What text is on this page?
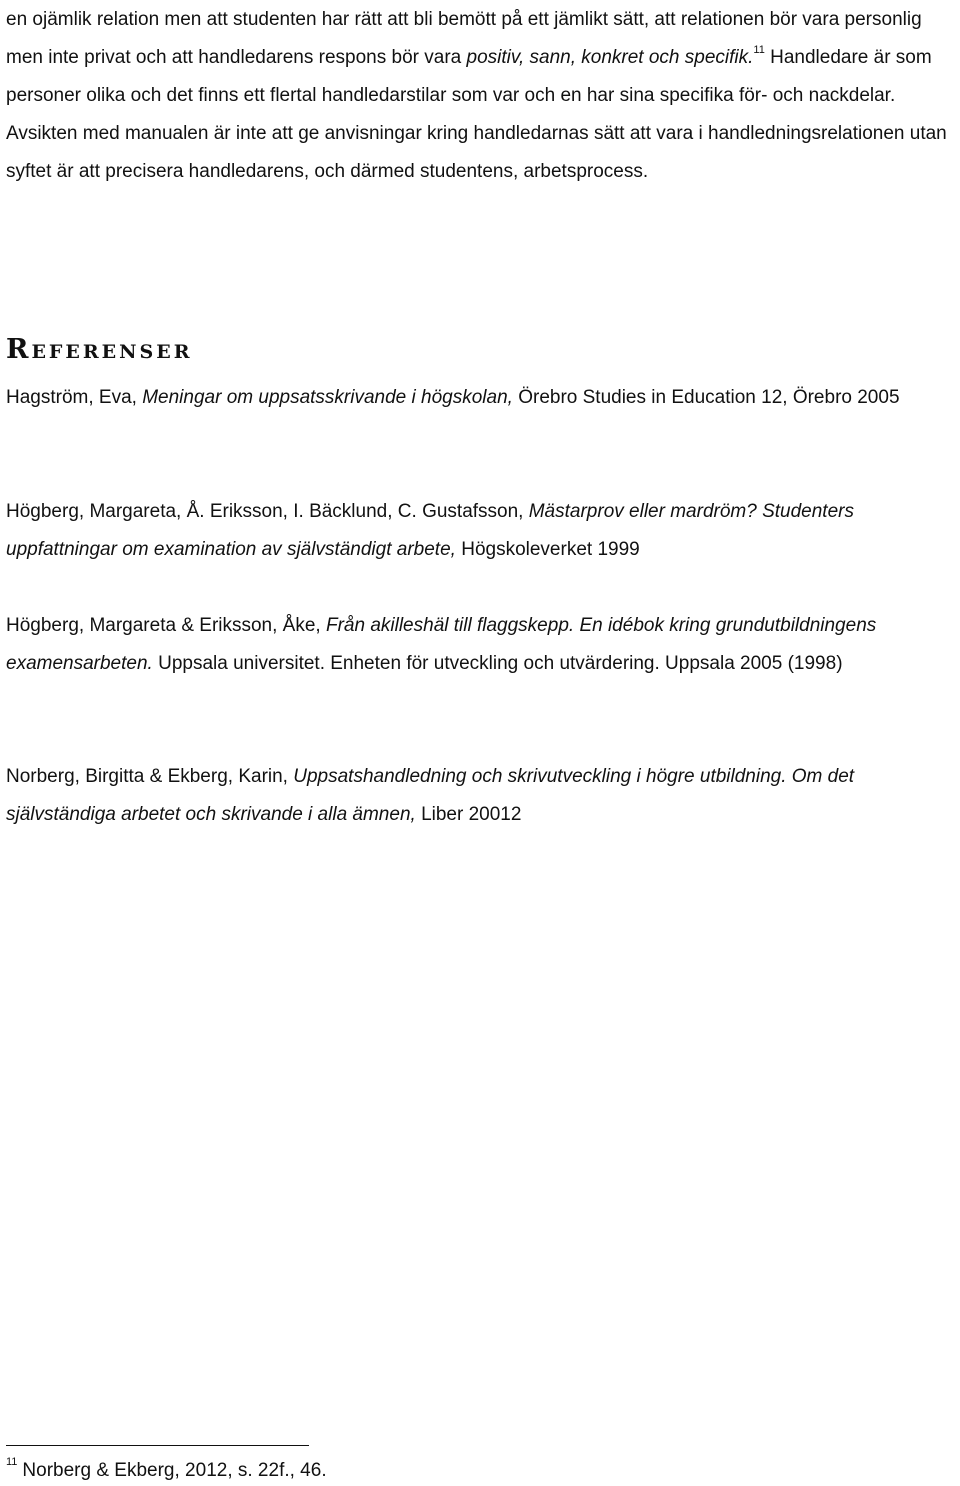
en ojämlik relation men att studenten har rätt att bli bemött på ett jämlikt sätt, att relationen bör vara personlig men inte privat och att handledarens respons bör vara positiv, sann, konkret och specifik.$^{11}$ Handledare är som personer olika och det finns ett flertal handledarstilar som var och en har sina specifika för- och nackdelar. Avsikten med manualen är inte att ge anvisningar kring handledarnas sätt att vara i handledningsrelationen utan syftet är att precisera handledarens, och därmed studentens, arbetsprocess.

Referenser

Hagström, Eva, Meningar om uppsatsskrivande i högskolan, Örebro Studies in Education 12, Örebro 2005

Högberg, Margareta, Å. Eriksson, I. Bäcklund, C. Gustafsson, Mästarprov eller mardröm? Studenters uppfattningar om examination av självständigt arbete, Högskoleverket 1999

Högberg, Margareta & Eriksson, Åke, Från akilleshäl till flaggskepp. En idébok kring grundutbildningens examensarbeten. Uppsala universitet. Enheten för utveckling och utvärdering. Uppsala 2005 (1998)

Norberg, Birgitta & Ekberg, Karin, Uppsatshandledning och skrivutveckling i högre utbildning. Om det självständiga arbetet och skrivande i alla ämnen, Liber 20012

$^{11}$ Norberg & Ekberg, 2012, s. 22f., 46.
